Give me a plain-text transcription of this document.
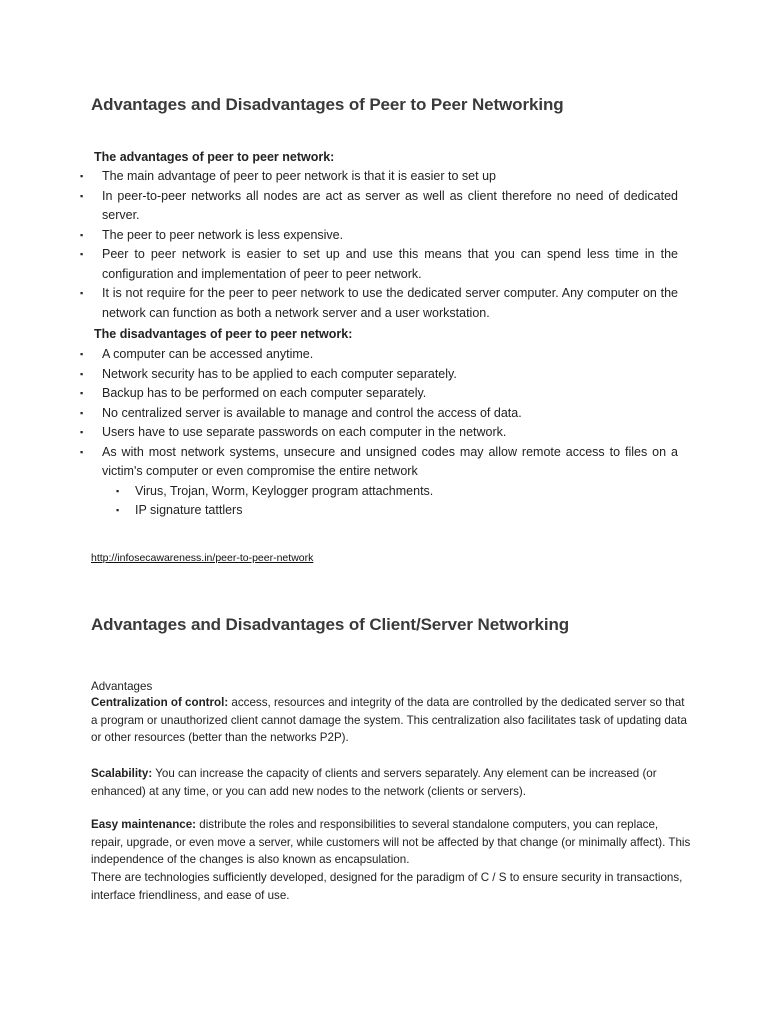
Advantages and Disadvantages of Peer to Peer Networking
The advantages of peer to peer network:
▪ The main advantage of peer to peer network is that it is easier to set up
▪ In peer-to-peer networks all nodes are act as server as well as client therefore no need of dedicated server.
▪ The peer to peer network is less expensive.
▪ Peer to peer network is easier to set up and use this means that you can spend less time in the configuration and implementation of peer to peer network.
▪ It is not require for the peer to peer network to use the dedicated server computer. Any computer on the network can function as both a network server and a user workstation.
The disadvantages of peer to peer network:
▪ A computer can be accessed anytime.
▪ Network security has to be applied to each computer separately.
▪ Backup has to be performed on each computer separately.
▪ No centralized server is available to manage and control the access of data.
▪ Users have to use separate passwords on each computer in the network.
▪ As with most network systems, unsecure and unsigned codes may allow remote access to files on a victim's computer or even compromise the entire network
▪ Virus, Trojan, Worm, Keylogger program attachments.
▪ IP signature tattlers
http://infosecawareness.in/peer-to-peer-network
Advantages and Disadvantages of Client/Server Networking

Advantages

Centralization of control: access, resources and integrity of the data are controlled by the dedicated server so that a program or unauthorized client cannot damage the system. This centralization also facilitates task of updating data or other resources (better than the networks P2P).

Scalability: You can increase the capacity of clients and servers separately. Any element can be increased (or enhanced) at any time, or you can add new nodes to the network (clients or servers).

Easy maintenance: distribute the roles and responsibilities to several standalone computers, you can replace, repair, upgrade, or even move a server, while customers will not be affected by that change (or minimally affect). This independence of the changes is also known as encapsulation.

There are technologies sufficiently developed, designed for the paradigm of C / S to ensure security in transactions, interface friendliness, and ease of use.
